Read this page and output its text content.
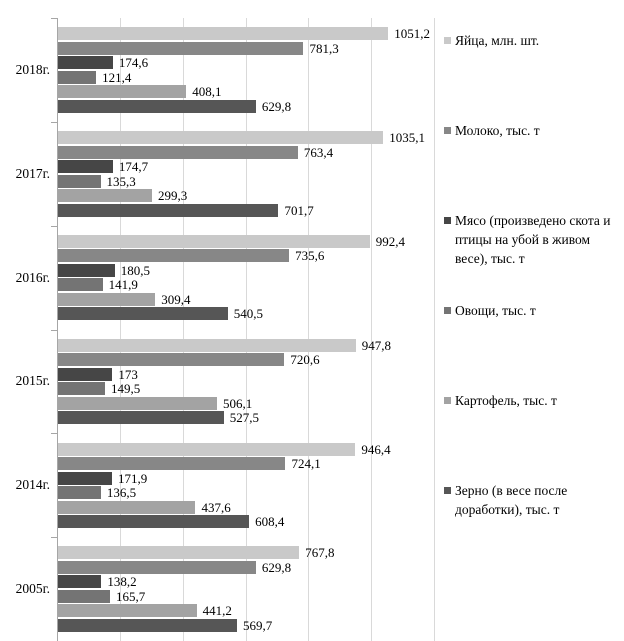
2018г.
1051,2
781,3
174,6
121,4
408,1
629,8
2017г.
1035,1
763,4
174,7
135,3
299,3
701,7
2016г.
992,4
735,6
180,5
141,9
309,4
540,5
2015г.
947,8
720,6
173
149,5
506,1
527,5
2014г.
946,4
724,1
171,9
136,5
437,6
608,4
2005г.
767,8
629,8
138,2
165,7
441,2
569,7
Яйца, млн. шт.
Молоко, тыс. т
Мясо (произведено скота и птицы на убой в живом весе), тыс. т
Овощи, тыс. т
Картофель, тыс. т
Зерно (в весе после доработки), тыс. т
